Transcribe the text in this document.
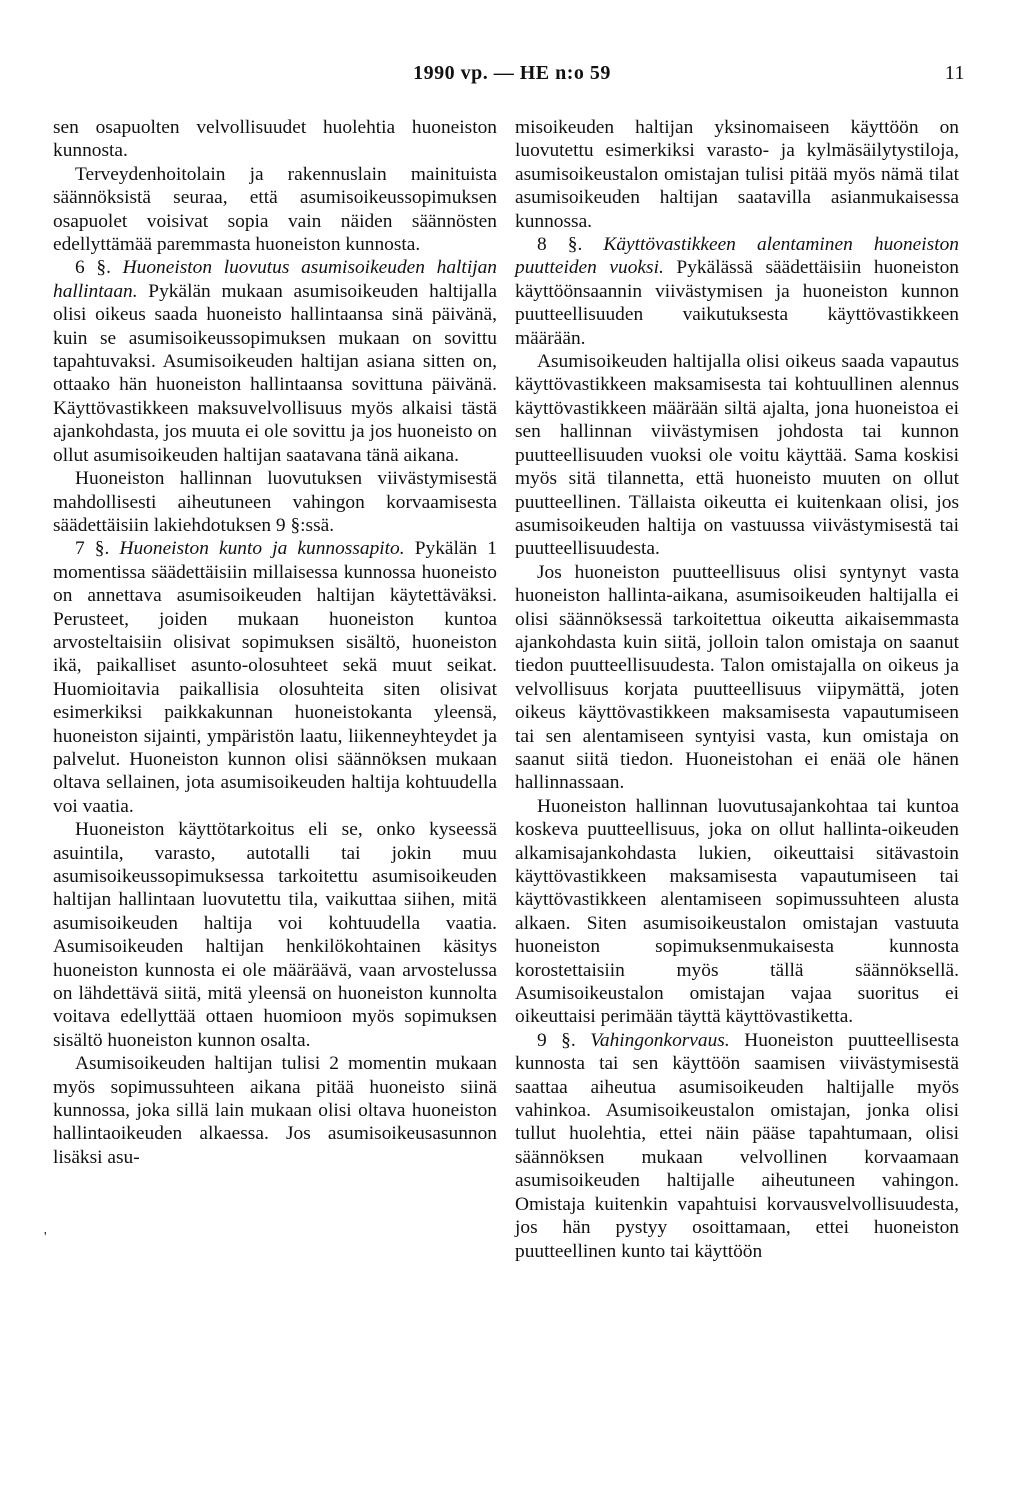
1990 vp. — HE n:o 59	11

sen osapuolten velvollisuudet huolehtia huoneiston kunnosta.

Terveydenhoitolain ja rakennuslain mainituista säännöksistä seuraa, että asumisoikeussopimuksen osapuolet voisivat sopia vain näiden säännösten edellyttämää paremmasta huoneiston kunnosta.

6 §. Huoneiston luovutus asumisoikeuden haltijan hallintaan. Pykälän mukaan asumisoikeuden haltijalla olisi oikeus saada huoneisto hallintaansa sinä päivänä, kuin se asumisoikeussopimuksen mukaan on sovittu tapahtuvaksi. Asumisoikeuden haltijan asiana sitten on, ottaako hän huoneiston hallintaansa sovittuna päivänä. Käyttövastikkeen maksuvelvollisuus myös alkaisi tästä ajankohdasta, jos muuta ei ole sovittu ja jos huoneisto on ollut asumisoikeuden haltijan saatavana tänä aikana.

Huoneiston hallinnan luovutuksen viivästymisestä mahdollisesti aiheutuneen vahingon korvaamisesta säädettäisiin lakiehdotuksen 9 §:ssä.

7 §. Huoneiston kunto ja kunnossapito. Pykälän 1 momentissa säädettäisiin millaisessa kunnossa huoneisto on annettava asumisoikeuden haltijan käytettäväksi. Perusteet, joiden mukaan huoneiston kuntoa arvosteltaisiin olisivat sopimuksen sisältö, huoneiston ikä, paikalliset asunto-olosuhteet sekä muut seikat. Huomioitavia paikallisia olosuhteita siten olisivat esimerkiksi paikkakunnan huoneistokanta yleensä, huoneiston sijainti, ympäristön laatu, liikenneyhteydet ja palvelut. Huoneiston kunnon olisi säännöksen mukaan oltava sellainen, jota asumisoikeuden haltija kohtuudella voi vaatia.

Huoneiston käyttötarkoitus eli se, onko kyseessä asuintila, varasto, autotalli tai jokin muu asumisoikeussopimuksessa tarkoitettu asumisoikeuden haltijan hallintaan luovutettu tila, vaikuttaa siihen, mitä asumisoikeuden haltija voi kohtuudella vaatia. Asumisoikeuden haltijan henkilökohtainen käsitys huoneiston kunnosta ei ole määräävä, vaan arvostelussa on lähdettävä siitä, mitä yleensä on huoneiston kunnolta voitava edellyttää ottaen huomioon myös sopimuksen sisältö huoneiston kunnon osalta.

Asumisoikeuden haltijan tulisi 2 momentin mukaan myös sopimussuhteen aikana pitää huoneisto siinä kunnossa, joka sillä lain mukaan olisi oltava huoneiston hallintaoikeuden alkaessa. Jos asumisoikeusasunnon lisäksi asu-

misoikeuden haltijan yksinomaiseen käyttöön on luovutettu esimerkiksi varasto- ja kylmäsäilytystiloja, asumisoikeustalon omistajan tulisi pitää myös nämä tilat asumisoikeuden haltijan saatavilla asianmukaisessa kunnossa.

8 §. Käyttövastikkeen alentaminen huoneiston puutteiden vuoksi. Pykälässä säädettäisiin huoneiston käyttöönsaannin viivästymisen ja huoneiston kunnon puutteellisuuden vaikutuksesta käyttövastikkeen määrään.

Asumisoikeuden haltijalla olisi oikeus saada vapautus käyttövastikkeen maksamisesta tai kohtuullinen alennus käyttövastikkeen määrään siltä ajalta, jona huoneistoa ei sen hallinnan viivästymisen johdosta tai kunnon puutteellisuuden vuoksi ole voitu käyttää. Sama koskisi myös sitä tilannetta, että huoneisto muuten on ollut puutteellinen. Tällaista oikeutta ei kuitenkaan olisi, jos asumisoikeuden haltija on vastuussa viivästymisestä tai puutteellisuudesta.

Jos huoneiston puutteellisuus olisi syntynyt vasta huoneiston hallinta-aikana, asumisoikeuden haltijalla ei olisi säännöksessä tarkoitettua oikeutta aikaisemmasta ajankohdasta kuin siitä, jolloin talon omistaja on saanut tiedon puutteellisuudesta. Talon omistajalla on oikeus ja velvollisuus korjata puutteellisuus viipymättä, joten oikeus käyttövastikkeen maksamisesta vapautumiseen tai sen alentamiseen syntyisi vasta, kun omistaja on saanut siitä tiedon. Huoneistohan ei enää ole hänen hallinnassaan.

Huoneiston hallinnan luovutusajankohtaa tai kuntoa koskeva puutteellisuus, joka on ollut hallinta-oikeuden alkamisajankohdasta lukien, oikeuttaisi sitävastoin käyttövastikkeen maksamisesta vapautumiseen tai käyttövastikkeen alentamiseen sopimussuhteen alusta alkaen. Siten asumisoikeustalon omistajan vastuuta huoneiston sopimuksenmukaisesta kunnosta korostettaisiin myös tällä säännöksellä. Asumisoikeustalon omistajan vajaa suoritus ei oikeuttaisi perimään täyttä käyttövastiketta.

9 §. Vahingonkorvaus. Huoneiston puutteellisesta kunnosta tai sen käyttöön saamisen viivästymisestä saattaa aiheutua asumisoikeuden haltijalle myös vahinkoa. Asumisoikeustalon omistajan, jonka olisi tullut huolehtia, ettei näin pääse tapahtumaan, olisi säännöksen mukaan velvollinen korvaamaan asumisoikeuden haltijalle aiheutuneen vahingon. Omistaja kuitenkin vapahtuisi korvausvelvollisuudesta, jos hän pystyy osoittamaan, ettei huoneiston puutteellinen kunto tai käyttöön

'
